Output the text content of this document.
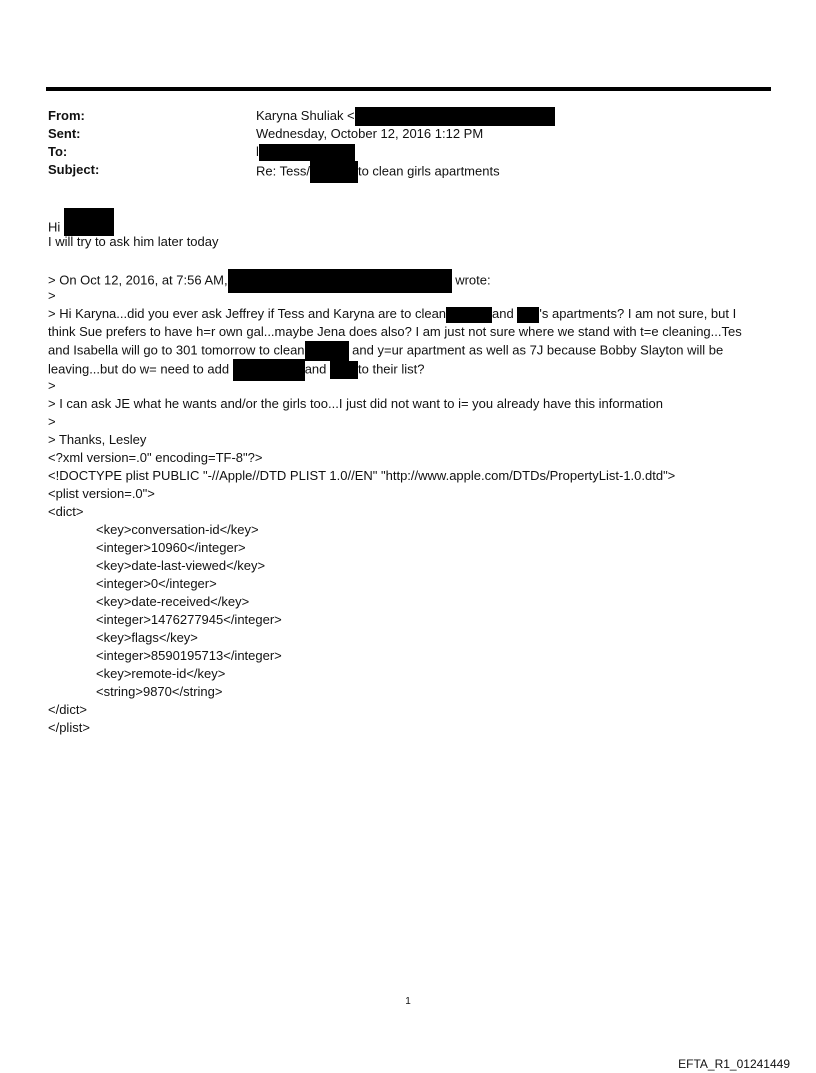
From:	Karyna Shuliak <
Sent:	Wednesday, October 12, 2016 1:12 PM
To:	l
Subject:	Re: Tess/	to clean girls apartments
Hi
I will try to ask him later today
> On Oct 12, 2016, at 7:56 AM,	wrote:
>
> Hi Karyna...did you ever ask Jeffrey if Tess and Karyna are to clean	and 's apartments? I am not sure, but I
think Sue prefers to have h=r own gal...maybe Jena does also? I am just not sure where we stand with t=e cleaning...Tes
and Isabella will go to 301 tomorrow to clean	and y=ur apartment as well as 7J because Bobby Slayton will be
leaving...but do w= need to add	and to their list?
>
> I can ask JE what he wants and/or the girls too...I just did not want to i= you already have this information
>
> Thanks, Lesley
<?xml version=.0" encoding=TF-8"?>
<!DOCTYPE plist PUBLIC "-//Apple//DTD PLIST 1.0//EN" "http://www.apple.com/DTDs/PropertyList-1.0.dtd">
<plist version=.0">
<dict>
<key>conversation-id</key>
<integer>10960</integer>
<key>date-last-viewed</key>
<integer>0</integer>
<key>date-received</key>
<integer>1476277945</integer>
<key>flags</key>
<integer>8590195713</integer>
<key>remote-id</key>
<string>9870</string>
</dict>
</plist>
1
EFTA_R1_01241449
